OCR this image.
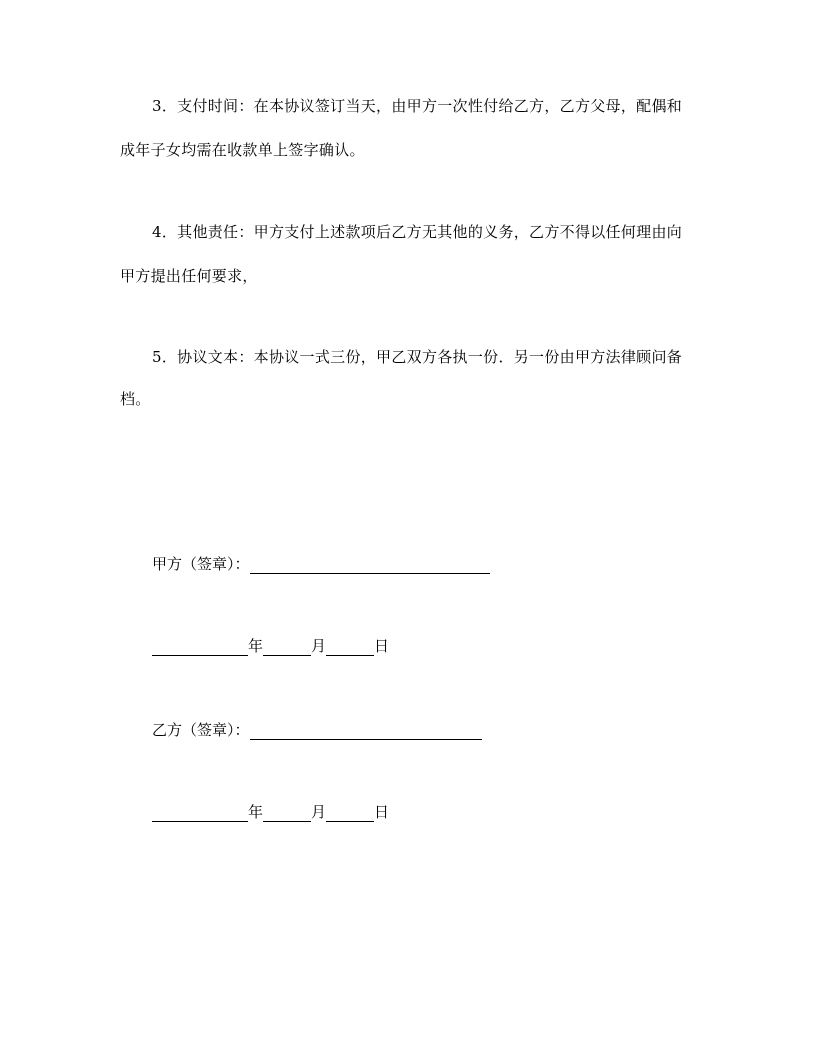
3．支付时间：在本协议签订当天，由甲方一次性付给乙方，乙方父母，配偶和
成年子女均需在收款单上签字确认。
4．其他责任：甲方支付上述款项后乙方无其他的义务，乙方不得以任何理由向
甲方提出任何要求，
5．协议文本：本协议一式三份，甲乙双方各执一份．另一份由甲方法律顾问备
档。
甲方（签章）：
年	月	日
乙方（签章）：
年	月	日
